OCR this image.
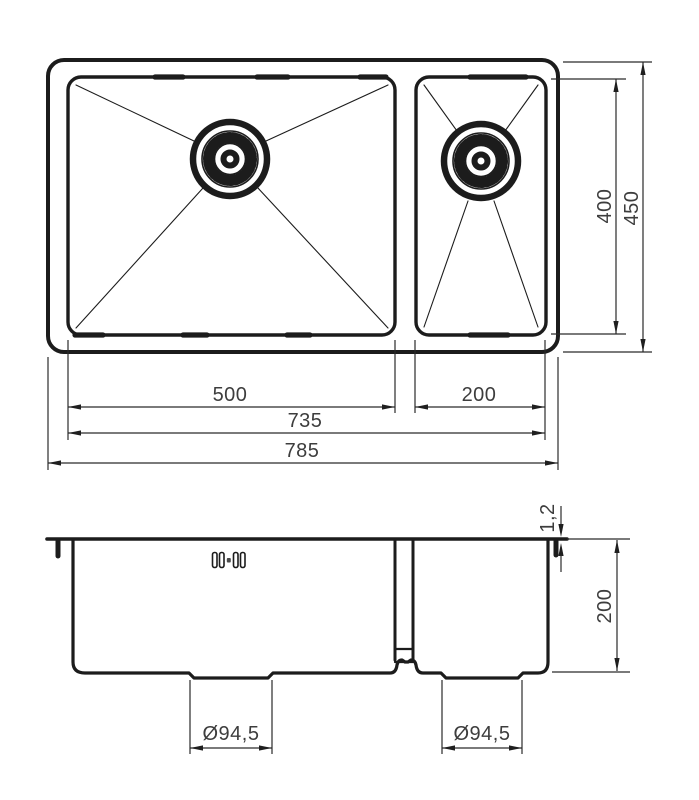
500	200
735
785
400 450
1,2
200
Ø94,5	Ø94,5
